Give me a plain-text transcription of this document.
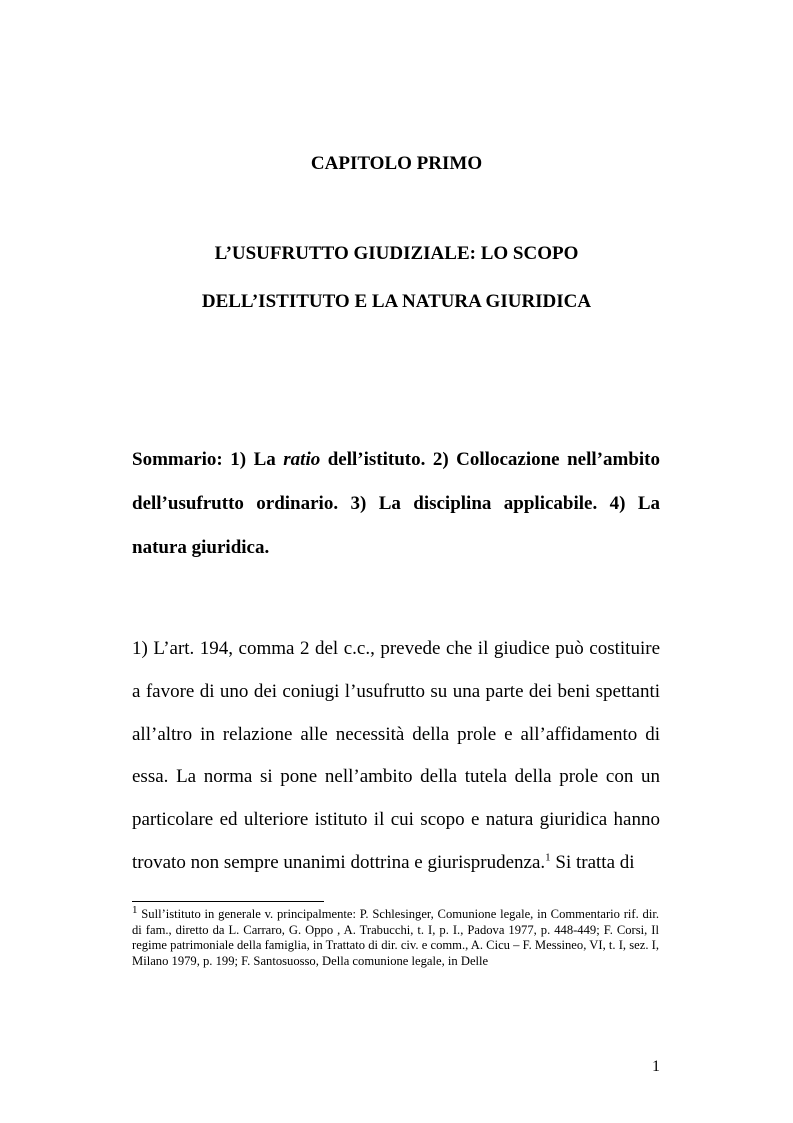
CAPITOLO PRIMO
L’USUFRUTTO GIUDIZIALE: LO SCOPO
DELL’ISTITUTO E LA NATURA GIURIDICA

Sommario: 1) La ratio dell’istituto. 2) Collocazione nell’ambito dell’usufrutto ordinario. 3) La disciplina applicabile. 4) La natura giuridica.

1) L’art. 194, comma 2 del c.c., prevede che il giudice può costituire a favore di uno dei coniugi l’usufrutto su una parte dei beni spettanti all’altro in relazione alle necessità della prole e all’affidamento di essa. La norma si pone nell’ambito della tutela della prole con un particolare ed ulteriore istituto il cui scopo e natura giuridica hanno trovato non sempre unanimi dottrina e giurisprudenza.$^1$ Si tratta di

$^1$ Sull’istituto in generale v. principalmente: P. Schlesinger, Comunione legale, in Commentario rif. dir. di fam., diretto da L. Carraro, G. Oppo , A. Trabucchi, t. I, p. I., Padova 1977, p. 448-449; F. Corsi, Il regime patrimoniale della famiglia, in Trattato di dir. civ. e comm., A. Cicu – F. Messineo, VI, t. I, sez. I, Milano 1979, p. 199; F. Santosuosso, Della comunione legale, in Delle

1
